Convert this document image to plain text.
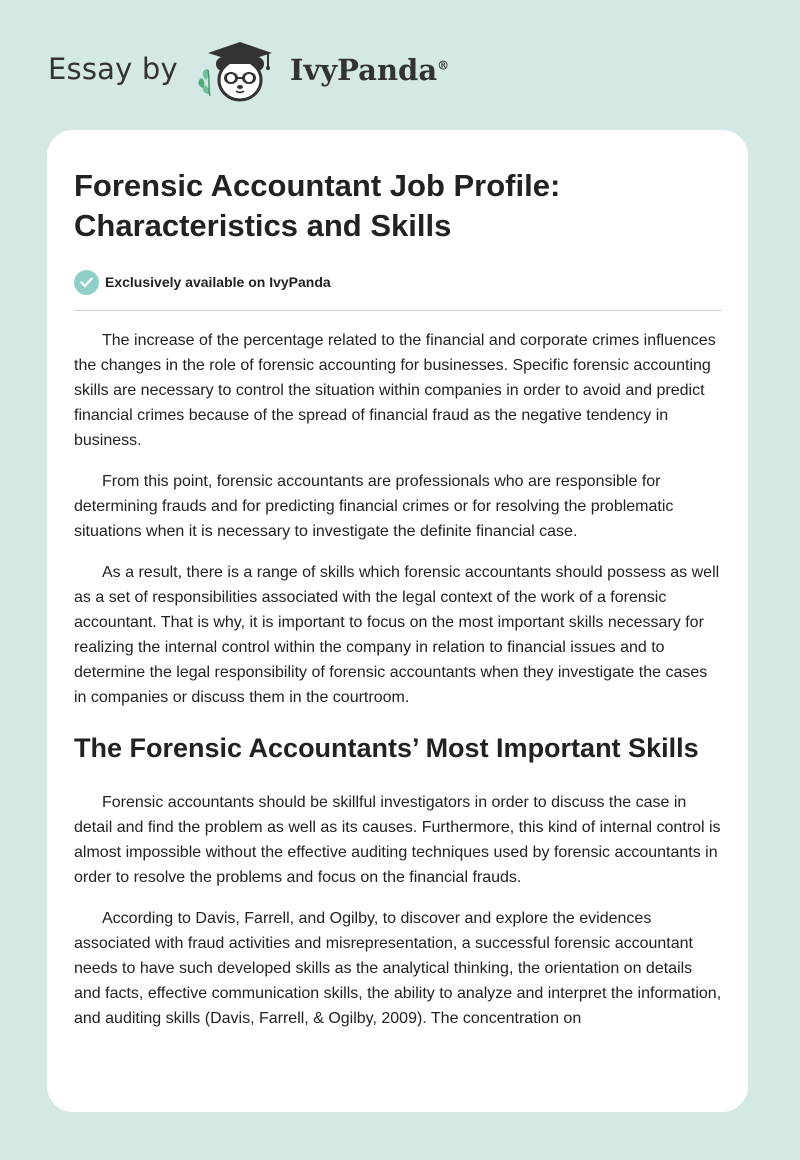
Essay by	IvyPanda®
Forensic Accountant Job Profile: Characteristics and Skills
Exclusively available on IvyPanda

The increase of the percentage related to the financial and corporate crimes influences the changes in the role of forensic accounting for businesses. Specific forensic accounting skills are necessary to control the situation within companies in order to avoid and predict financial crimes because of the spread of financial fraud as the negative tendency in business.

From this point, forensic accountants are professionals who are responsible for determining frauds and for predicting financial crimes or for resolving the problematic situations when it is necessary to investigate the definite financial case.

As a result, there is a range of skills which forensic accountants should possess as well as a set of responsibilities associated with the legal context of the work of a forensic accountant. That is why, it is important to focus on the most important skills necessary for realizing the internal control within the company in relation to financial issues and to determine the legal responsibility of forensic accountants when they investigate the cases in companies or discuss them in the courtroom.

The Forensic Accountants’ Most Important Skills

Forensic accountants should be skillful investigators in order to discuss the case in detail and find the problem as well as its causes. Furthermore, this kind of internal control is almost impossible without the effective auditing techniques used by forensic accountants in order to resolve the problems and focus on the financial frauds.

According to Davis, Farrell, and Ogilby, to discover and explore the evidences associated with fraud activities and misrepresentation, a successful forensic accountant needs to have such developed skills as the analytical thinking, the orientation on details and facts, effective communication skills, the ability to analyze and interpret the information, and auditing skills (Davis, Farrell, & Ogilby, 2009). The concentration on
